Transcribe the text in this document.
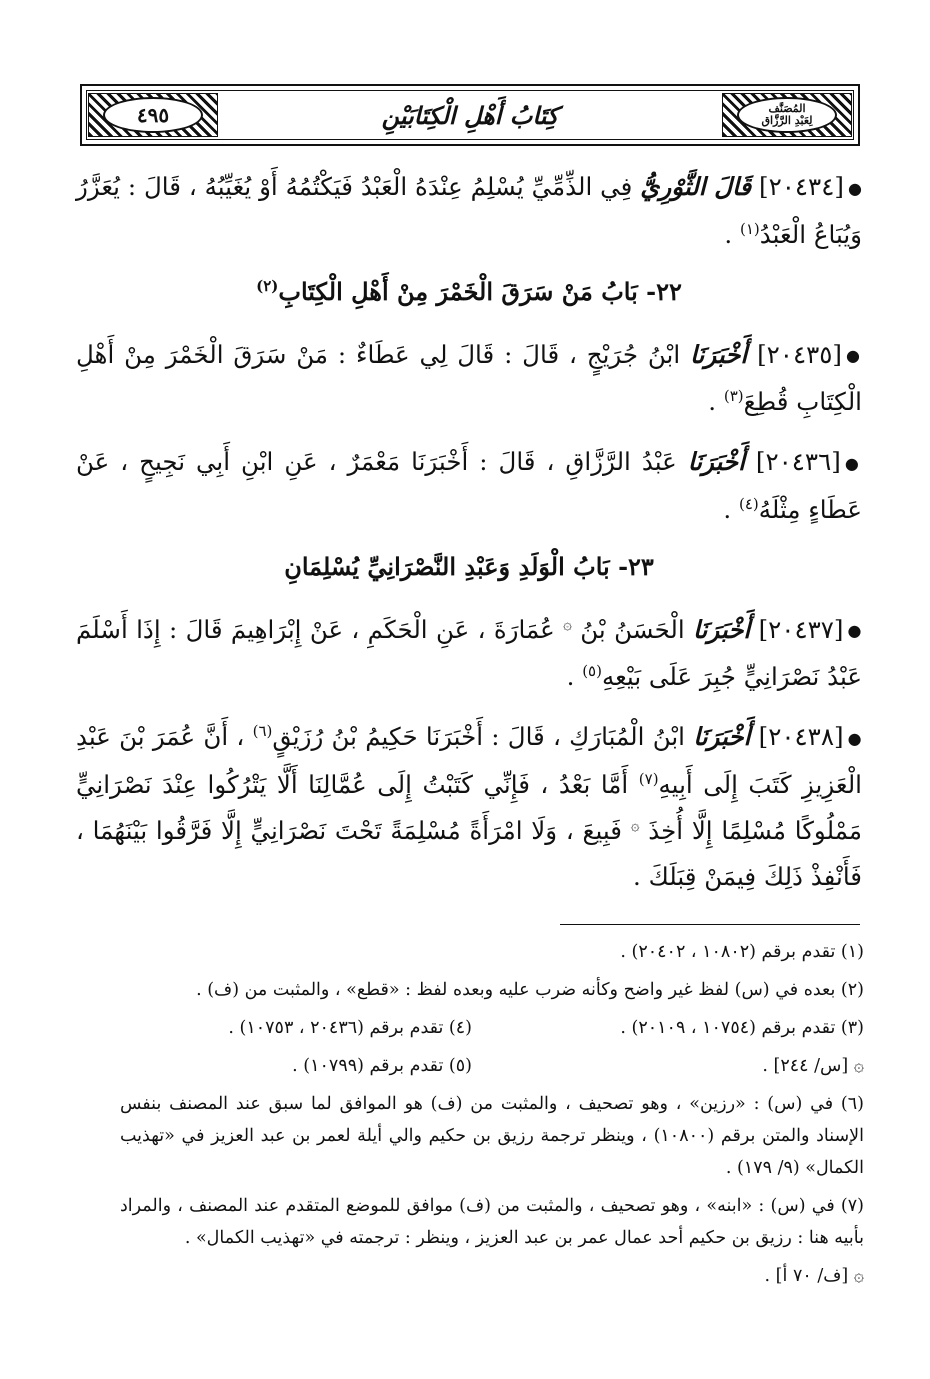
٤٩٥	كِتَابُ أَهْلِ الْكِتَابَيْنِ	المُصَنَّف
لِعَبْدِ الرَّزَّاق

●[٢٠٤٣٤] قَالَ الثَّوْرِيُّ فِي الذِّمِّيِّ يُسْلِمُ عِنْدَهُ الْعَبْدُ فَيَكْتُمُهُ أَوْ يُغَيِّبُهُ ، قَالَ : يُعَزَّرُ وَيُبَاعُ الْعَبْدُ$^{(١)}$ .

٢٢- بَابُ مَنْ سَرَقَ الْخَمْرَ مِنْ أَهْلِ الْكِتَابِ$^{(٢)}$

●[٢٠٤٣٥] أَخْبَرَنَا ابْنُ جُرَيْجٍ ، قَالَ : قَالَ لِي عَطَاءٌ : مَنْ سَرَقَ الْخَمْرَ مِنْ أَهْلِ الْكِتَابِ قُطِعَ$^{(٣)}$ .

●[٢٠٤٣٦] أَخْبَرَنَا عَبْدُ الرَّزَّاقِ ، قَالَ : أَخْبَرَنَا مَعْمَرٌ ، عَنِ ابْنِ أَبِي نَجِيحٍ ، عَنْ عَطَاءٍ مِثْلَهُ$^{(٤)}$ .

٢٣- بَابُ الْوَلَدِ وَعَبْدِ النَّصْرَانِيِّ يُسْلِمَانِ

●[٢٠٤٣٧] أَخْبَرَنَا الْحَسَنُ بْنُ ۞ عُمَارَةَ ، عَنِ الْحَكَمِ ، عَنْ إِبْرَاهِيمَ قَالَ : إِذَا أَسْلَمَ عَبْدُ نَصْرَانِيٍّ جُبِرَ عَلَى بَيْعِهِ$^{(٥)}$ .

●[٢٠٤٣٨] أَخْبَرَنَا ابْنُ الْمُبَارَكِ ، قَالَ : أَخْبَرَنَا حَكِيمُ بْنُ رُزَيْقٍ$^{(٦)}$ ، أَنَّ عُمَرَ بْنَ عَبْدِ الْعَزِيزِ كَتَبَ إِلَى أَبِيهِ$^{(٧)}$ أَمَّا بَعْدُ ، فَإِنِّي كَتَبْتُ إِلَى عُمَّالِنَا أَلَّا يَتْرُكُوا عِنْدَ نَصْرَانِيٍّ مَمْلُوكًا مُسْلِمًا إِلَّا أُخِذَ ۞ فَبِيعَ ، وَلَا امْرَأَةً مُسْلِمَةً تَحْتَ نَصْرَانِيٍّ إِلَّا فَرَّقُوا بَيْنَهُمَا ، فَأَنْفِذْ ذَلِكَ فِيمَنْ قِبَلَكَ .

(١) تقدم برقم (١٠٨٠٢ ، ٢٠٤٠٢) .
(٢) بعده في (س) لفظ غير واضح وكأنه ضرب عليه وبعده لفظ : «قطع» ، والمثبت من (ف) .
(٣) تقدم برقم (١٠٧٥٤ ، ٢٠١٠٩) .
(٤) تقدم برقم (٢٠٤٣٦ ، ١٠٧٥٣) .
۞ [س/ ٢٤٤] .
(٥) تقدم برقم (١٠٧٩٩) .
(٦) في (س) : «رزين» ، وهو تصحيف ، والمثبت من (ف) هو الموافق لما سبق عند المصنف بنفس الإسناد والمتن برقم (١٠٨٠٠) ، وينظر ترجمة رزيق بن حكيم والي أيلة لعمر بن عبد العزيز في «تهذيب الكمال» (٩/ ١٧٩) .
(٧) في (س) : «ابنه» ، وهو تصحيف ، والمثبت من (ف) موافق للموضع المتقدم عند المصنف ، والمراد بأبيه هنا : رزيق بن حكيم أحد عمال عمر بن عبد العزيز ، وينظر : ترجمته في «تهذيب الكمال» .
۞ [ف/ ٧٠ أ] .
